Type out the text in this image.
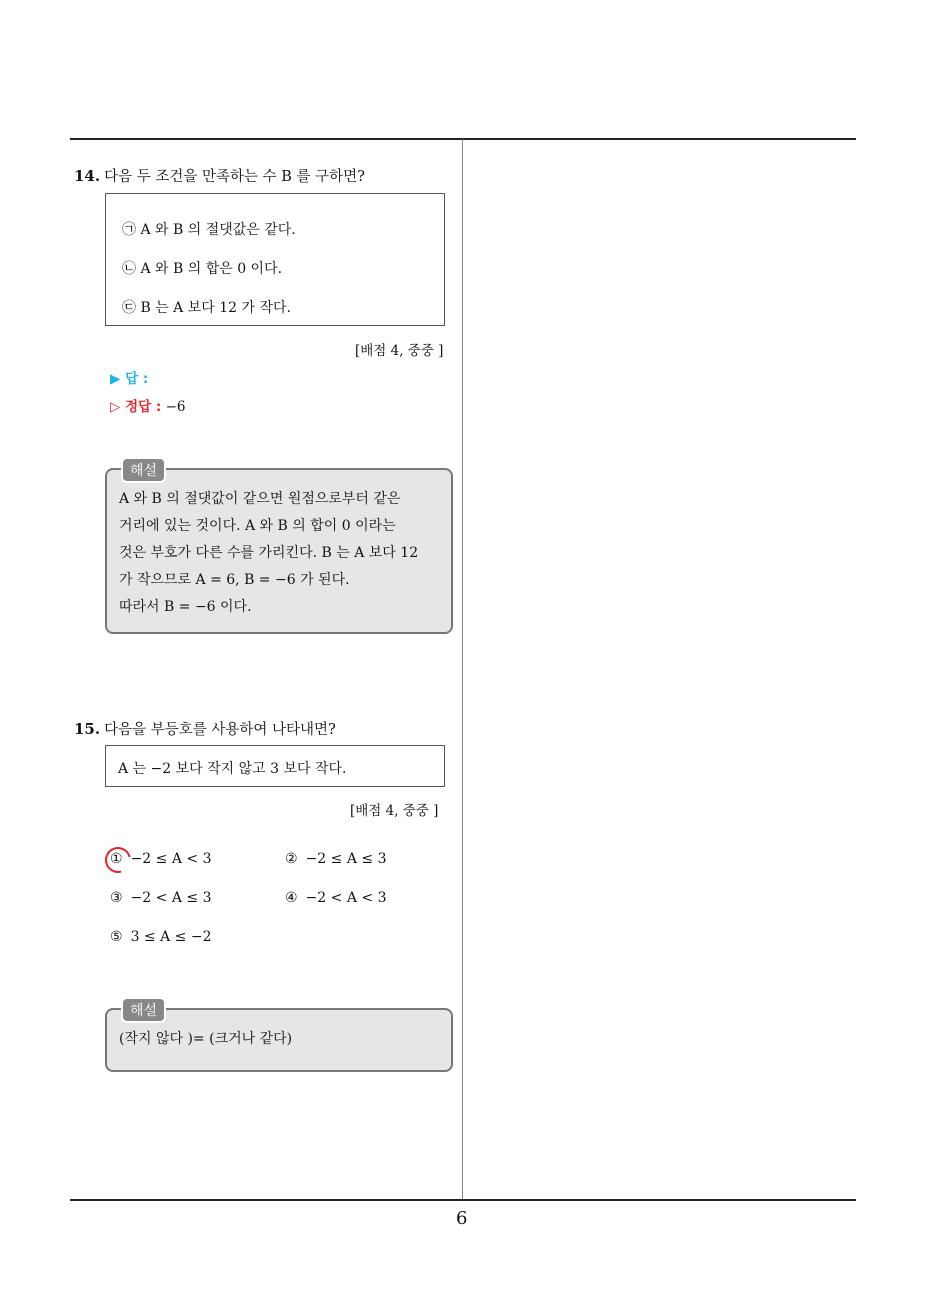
14. 다음 두 조건을 만족하는 수 B 를 구하면?
㉠ A 와 B 의 절댓값은 같다.
㉡ A 와 B 의 합은 0 이다.
㉢ B 는 A 보다 12 가 작다.
[배점 4, 중중 ]
▶ 답 :
▷ 정답 : −6
해설
A 와 B 의 절댓값이 같으면 원점으로부터 같은
거리에 있는 것이다. A 와 B 의 합이 0 이라는
것은 부호가 다른 수를 가리킨다. B 는 A 보다 12
가 작으므로 A = 6, B = −6 가 된다.
따라서 B = −6 이다.
15. 다음을 부등호를 사용하여 나타내면?
A 는 −2 보다 작지 않고 3 보다 작다.
[배점 4, 중중 ]
① −2 ≤ A < 3	② −2 ≤ A ≤ 3
③ −2 < A ≤ 3	④ −2 < A < 3
⑤ 3 ≤ A ≤ −2
해설
(작지 않다 )= (크거나 같다)
6
